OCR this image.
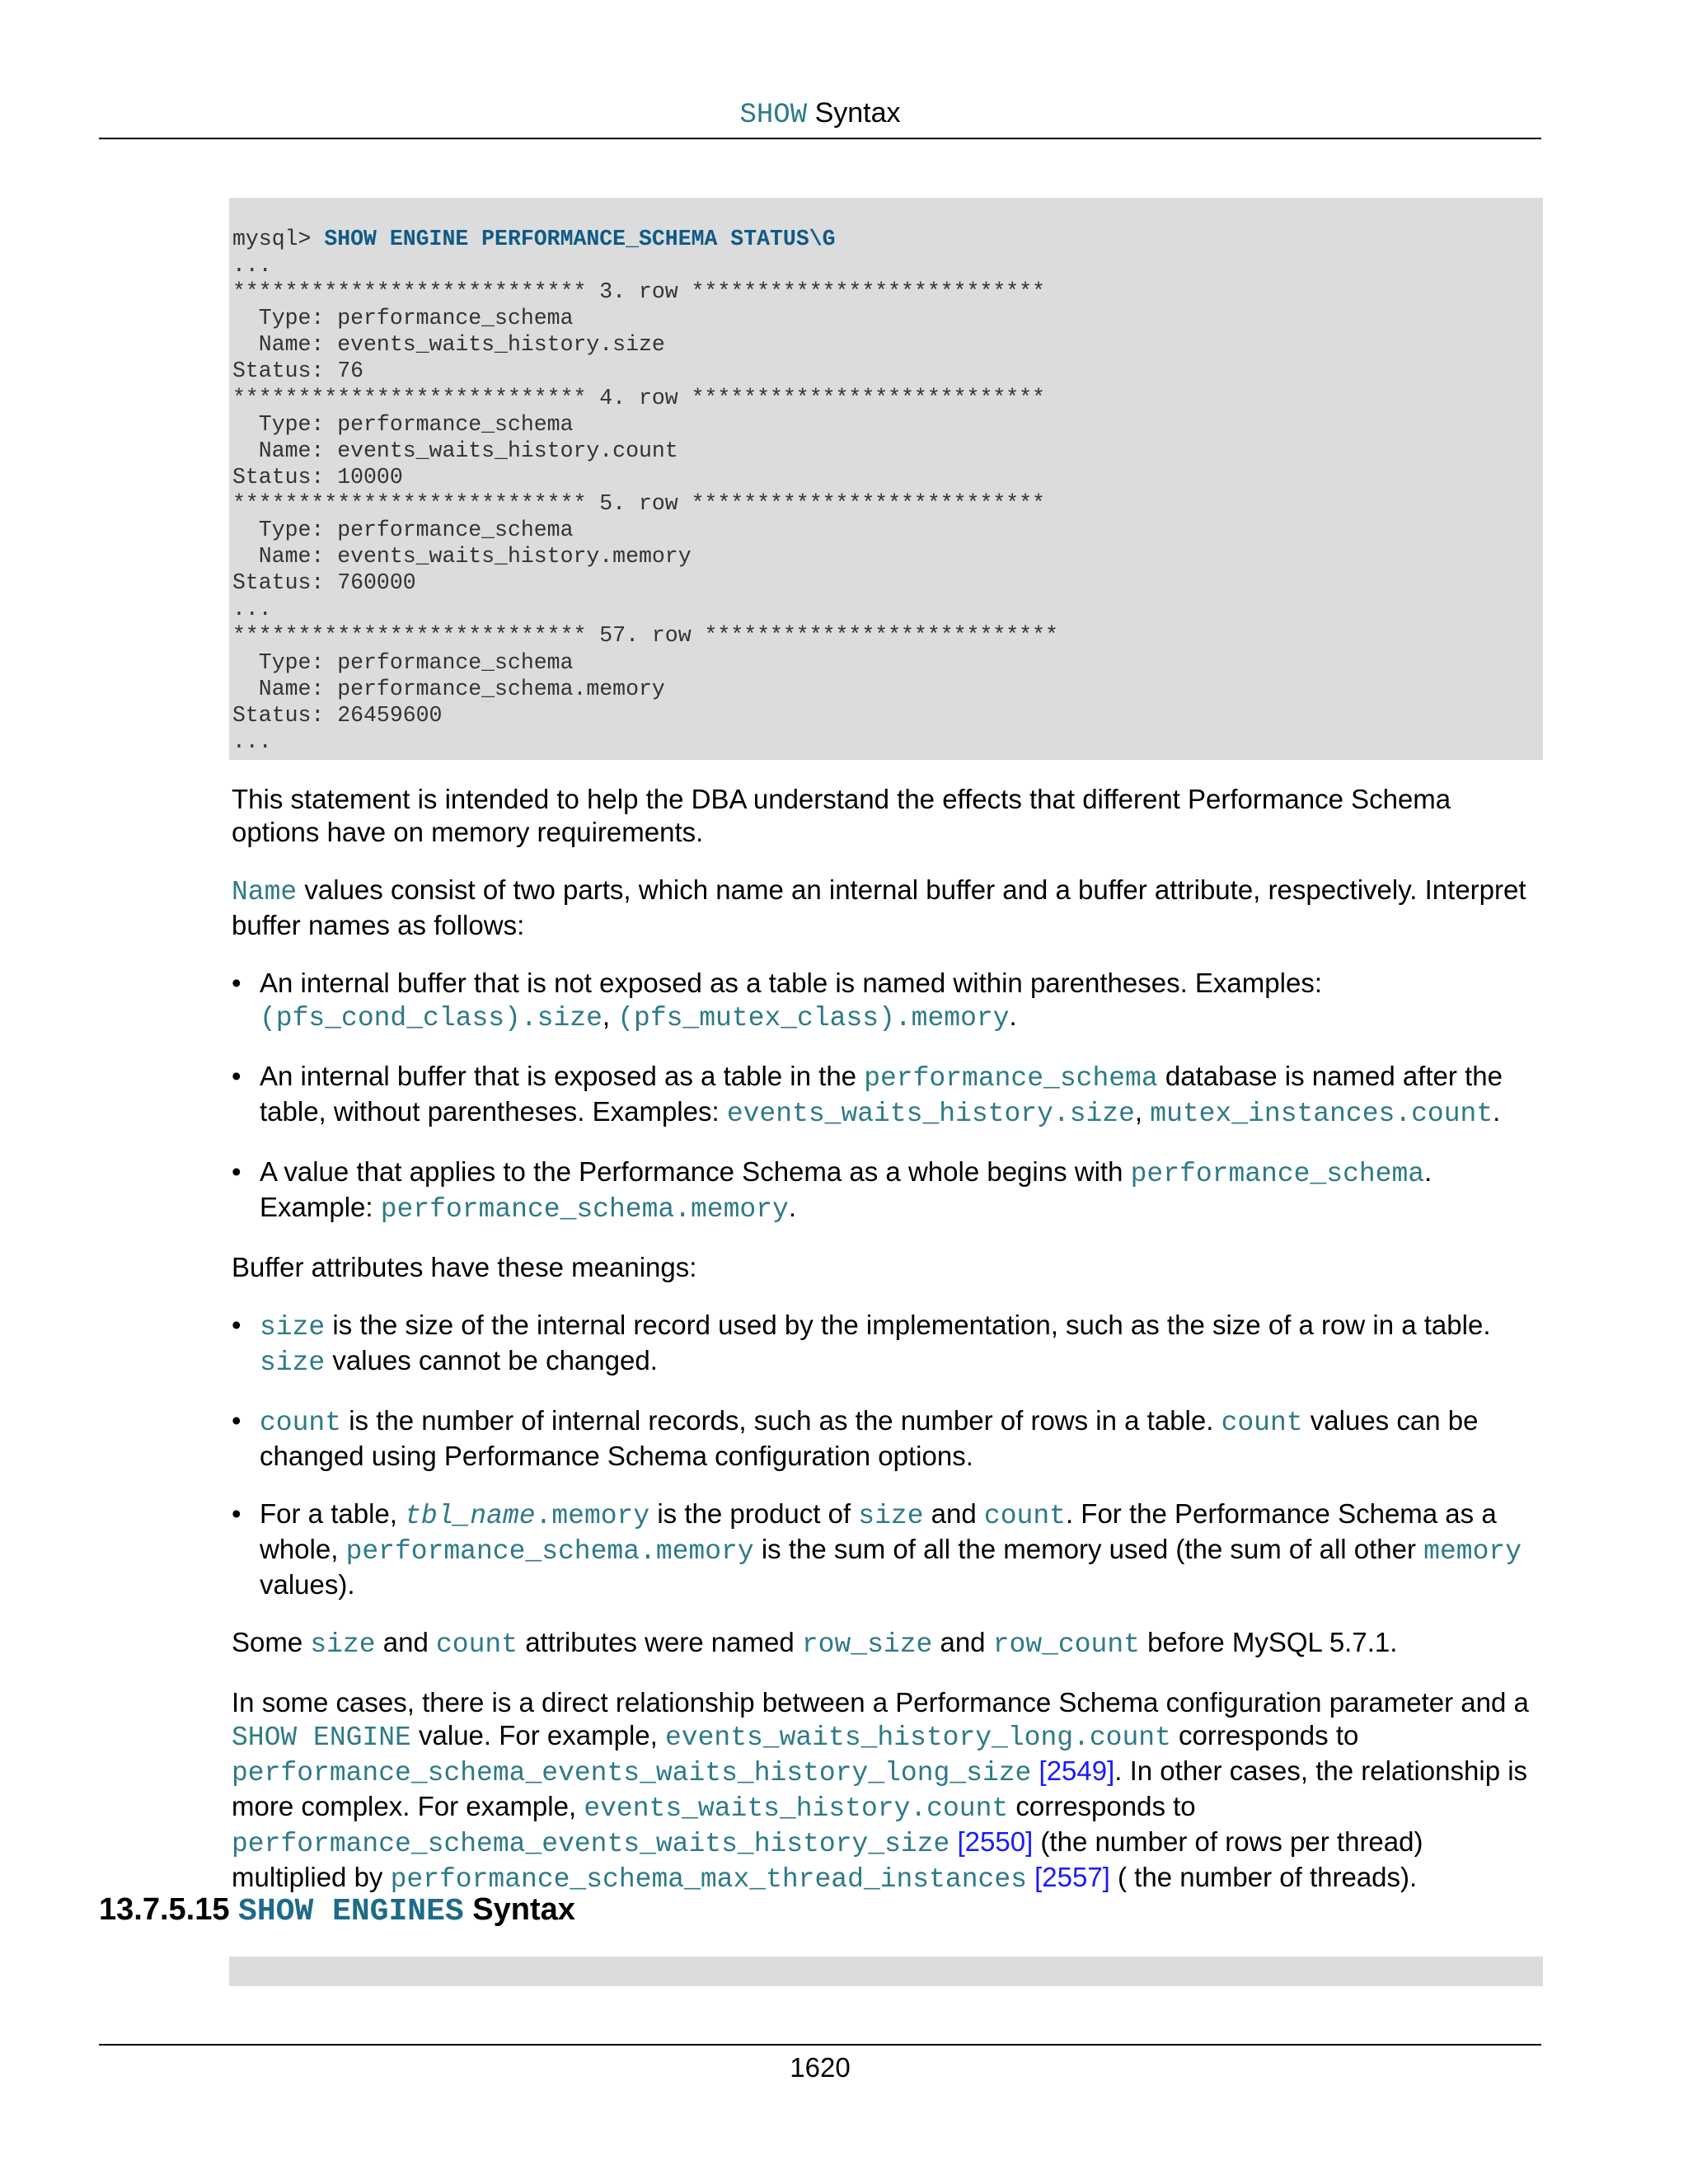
SHOW Syntax
mysql> SHOW ENGINE PERFORMANCE_SCHEMA STATUS\G
...
*************************** 3. row ***************************
Type: performance_schema
Name: events_waits_history.size
Status: 76
*************************** 4. row ***************************
Type: performance_schema
Name: events_waits_history.count
Status: 10000
*************************** 5. row ***************************
Type: performance_schema
Name: events_waits_history.memory
Status: 760000
...
*************************** 57. row ***************************
Type: performance_schema
Name: performance_schema.memory
Status: 26459600
...

This statement is intended to help the DBA understand the effects that different Performance Schema options have on memory requirements.

Name values consist of two parts, which name an internal buffer and a buffer attribute, respectively. Interpret buffer names as follows:

• An internal buffer that is not exposed as a table is named within parentheses. Examples: (pfs_cond_class).size, (pfs_mutex_class).memory.
• An internal buffer that is exposed as a table in the performance_schema database is named after the table, without parentheses. Examples: events_waits_history.size, mutex_instances.count.
• A value that applies to the Performance Schema as a whole begins with performance_schema. Example: performance_schema.memory.

Buffer attributes have these meanings:

• size is the size of the internal record used by the implementation, such as the size of a row in a table. size values cannot be changed.
• count is the number of internal records, such as the number of rows in a table. count values can be changed using Performance Schema configuration options.
• For a table, tbl_name.memory is the product of size and count. For the Performance Schema as a whole, performance_schema.memory is the sum of all the memory used (the sum of all other memory values).

Some size and count attributes were named row_size and row_count before MySQL 5.7.1.

In some cases, there is a direct relationship between a Performance Schema configuration parameter and a SHOW ENGINE value. For example, events_waits_history_long.count corresponds to performance_schema_events_waits_history_long_size [2549]. In other cases, the relationship is more complex. For example, events_waits_history.count corresponds to performance_schema_events_waits_history_size [2550] (the number of rows per thread) multiplied by performance_schema_max_thread_instances [2557] ( the number of threads).

13.7.5.15 SHOW ENGINES Syntax
1620
